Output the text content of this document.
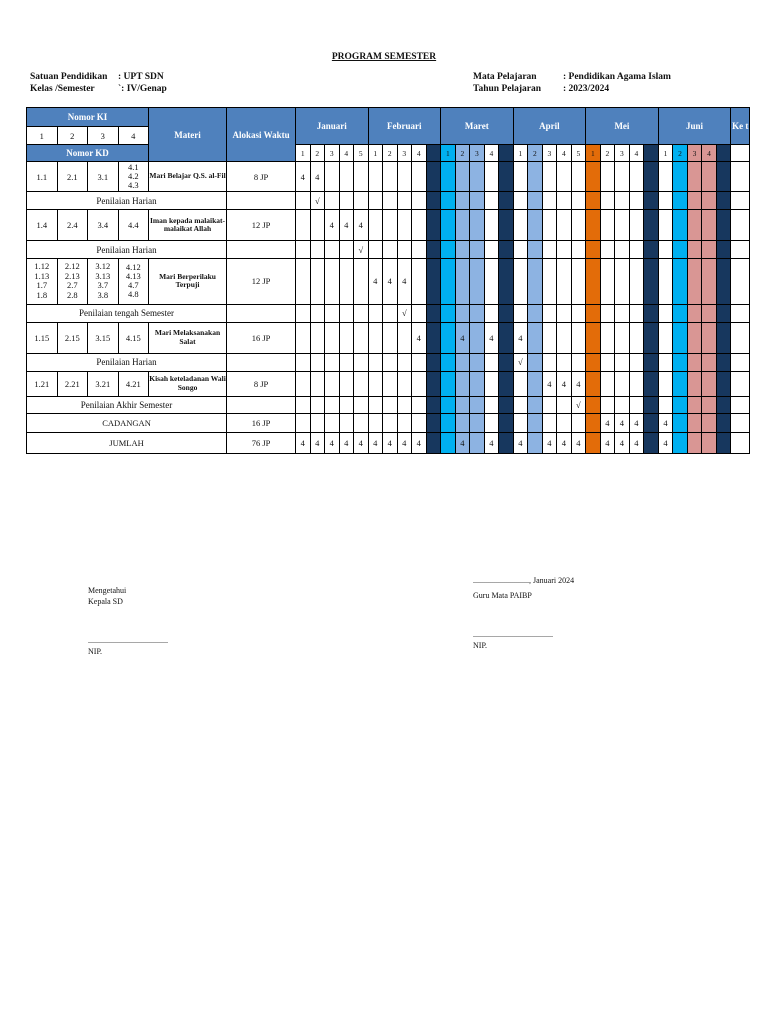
PROGRAM SEMESTER
Satuan Pendidikan	: UPT SDN
Kelas /Semester	`: IV/Genap
Mata Pelajaran	: Pendidikan Agama Islam
Tahun Pelajaran	: 2023/2024
Nomor KI				Materi	Alokasi Waktu	Januari					Februari					Maret					April					Mei					Juni					Ke t
1	2	3	4																																	
Nomor KD						1	2	3	4	5	1	2	3	4		1	2	3	4		1	2	3	4	5	1	2	3	4		1	2	3	4		
1.1	2.1	3.1	4.1
4.2
4.3	Mari Belajar Q.S. al-Fil	8 JP	4	4																													
Penilaian Harian							√																													
1.4	2.4	3.4	4.4	Iman kepada malaikat-malaikat Allah	12 JP			4	4	4																										
Penilaian Harian										√																										
1.12
1.13
1.7
1.8	2.12
2.13
2.7
2.8	3.12
3.13
3.7
3.8	4.12
4.13
4.7
4.8	Mari Berperilaku Terpuji	12 JP						4	4	4																							
Penilaian tengah Semester													√																							
1.15	2.15	3.15	4.15	Mari Melaksanakan Salat	16 JP									4			4		4		4															
Penilaian Harian																					√															
1.21	2.21	3.21	4.21	Kisah keteladanan Wali Songo	8 JP																		4	4	4											
Penilaian Akhir Semester																									√											
CADANGAN					16 JP																						4	4	4		4					
JUMLAH					76 JP	4	4	4	4	4	4	4	4	4			4		4		4		4	4	4		4	4	4		4					
Mengetahui
Kepala SD
........................................
NIP.
............................, Januari 2024
Guru Mata PAIBP
........................................
NIP.
